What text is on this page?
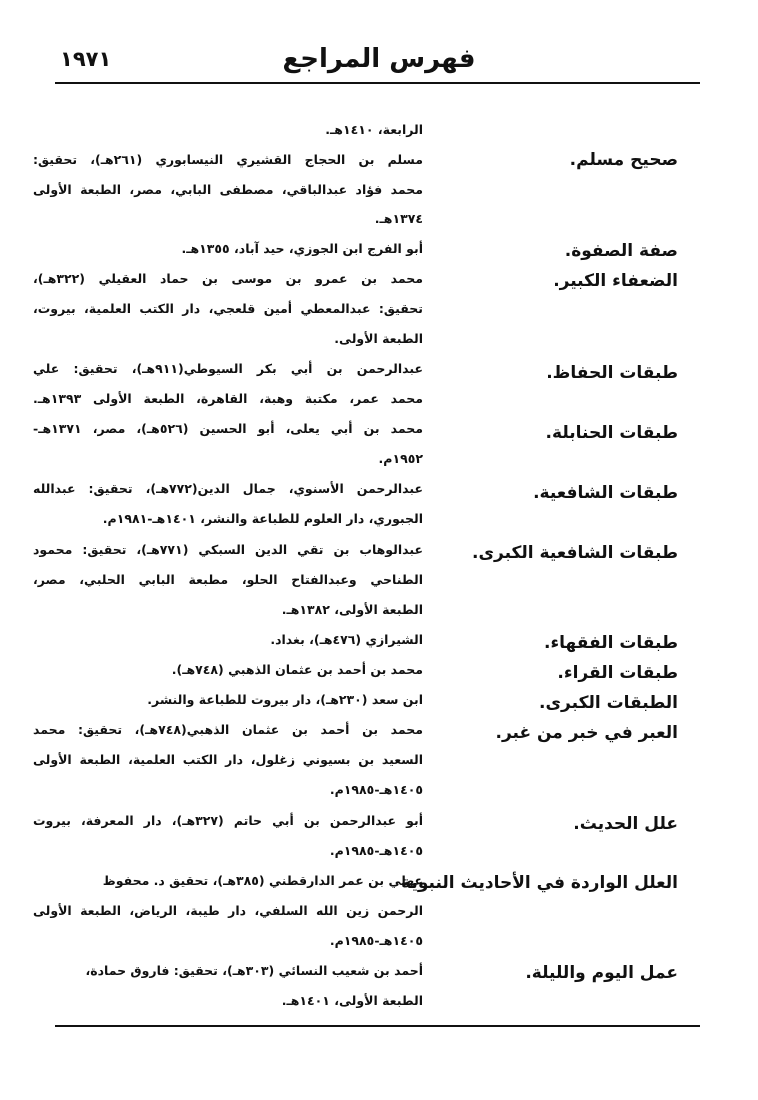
١٩٧١	فهرس المراجع
الرابعة، ١٤١٠هـ.
صحيح مسلم.
مسلم بن الحجاج القشيري النيسابوري (٢٦١هـ)، تحقيق:
محمد فؤاد عبدالباقي، مصطفى البابي، مصر، الطبعة الأولى
١٣٧٤هـ.
صفة الصفوة.
أبو الفرج ابن الجوزي، حيد آباد، ١٣٥٥هـ.
الضعفاء الكبير.
محمد بن عمرو بن موسى بن حماد العقيلي (٣٢٢هـ)،
تحقيق: عبدالمعطي أمين قلعجي، دار الكتب العلمية، بيروت،
الطبعة الأولى.
طبقات الحفاظ.
عبدالرحمن بن أبي بكر السيوطي(٩١١هـ)، تحقيق: علي
محمد عمر، مكتبة وهبة، القاهرة، الطبعة الأولى ١٣٩٣هـ.
طبقات الحنابلة.
محمد بن أبي يعلى، أبو الحسين (٥٢٦هـ)، مصر، ١٣٧١هـ-
١٩٥٢م.
طبقات الشافعية.
عبدالرحمن الأسنوي، جمال الدين(٧٧٢هـ)، تحقيق: عبدالله
الجبوري، دار العلوم للطباعة والنشر، ١٤٠١هـ-١٩٨١م.
طبقات الشافعية الكبرى.
عبدالوهاب بن تقي الدين السبكي (٧٧١هـ)، تحقيق: محمود
الطناحي وعبدالفتاح الحلو، مطبعة البابي الحلبي، مصر،
الطبعة الأولى، ١٣٨٢هـ.
طبقات الفقهاء.
الشيرازي (٤٧٦هـ)، بغداد.
طبقات القراء.
محمد بن أحمد بن عثمان الذهبي (٧٤٨هـ).
الطبقات الكبرى.
ابن سعد (٢٣٠هـ)، دار بيروت للطباعة والنشر.
العبر في خبر من غبر.
محمد بن أحمد بن عثمان الذهبي(٧٤٨هـ)، تحقيق: محمد
السعيد بن بسيوني زغلول، دار الكتب العلمية، الطبعة الأولى
١٤٠٥هـ-١٩٨٥م.
علل الحديث.
أبو عبدالرحمن بن أبي حاتم (٣٢٧هـ)، دار المعرفة، بيروت
١٤٠٥هـ-١٩٨٥م.
العلل الواردة في الأحاديث النبوية
عهلي بن عمر الدارقطني (٣٨٥هـ)، تحقيق د. محفوظ
الرحمن زين الله السلفي، دار طيبة، الرياض، الطبعة الأولى
١٤٠٥هـ-١٩٨٥م.
عمل اليوم والليلة.
أحمد بن شعيب النسائي (٣٠٣هـ)، تحقيق: فاروق حمادة،
الطبعة الأولى، ١٤٠١هـ.
